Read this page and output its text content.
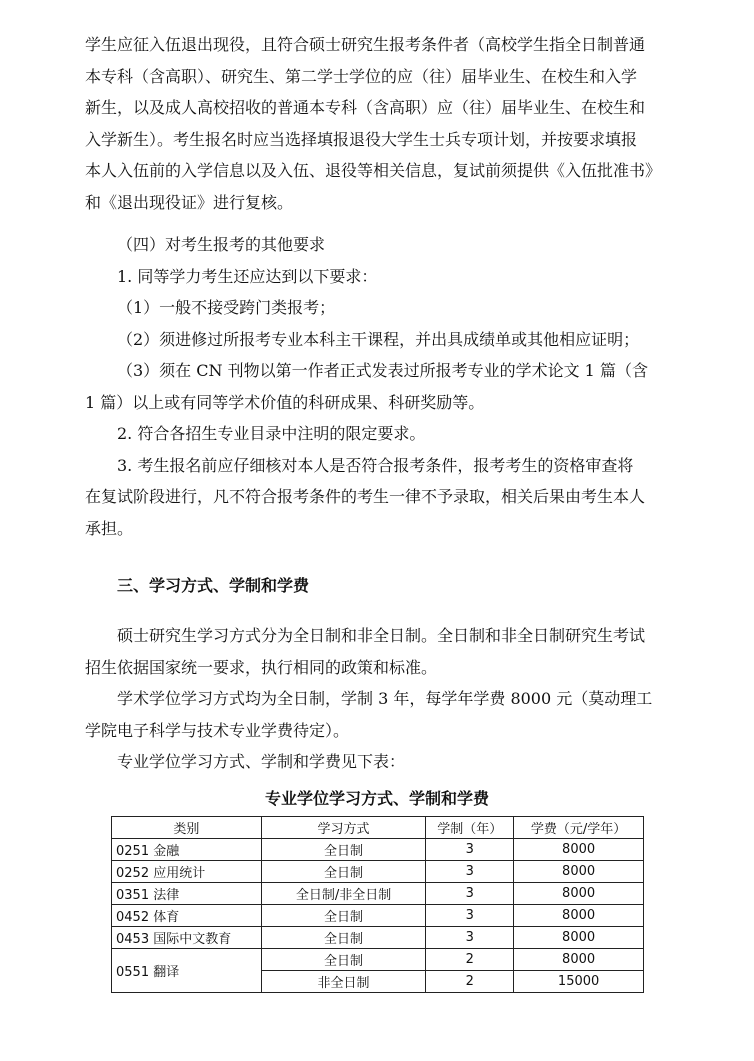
学生应征入伍退出现役，且符合硕士研究生报考条件者（高校学生指全日制普通
本专科（含高职）、研究生、第二学士学位的应（往）届毕业生、在校生和入学
新生，以及成人高校招收的普通本专科（含高职）应（往）届毕业生、在校生和
入学新生）。考生报名时应当选择填报退役大学生士兵专项计划，并按要求填报
本人入伍前的入学信息以及入伍、退役等相关信息，复试前须提供《入伍批准书》
和《退出现役证》进行复核。
（四）对考生报考的其他要求
1. 同等学力考生还应达到以下要求：
（1）一般不接受跨门类报考；
（2）须进修过所报考专业本科主干课程，并出具成绩单或其他相应证明；
（3）须在 CN 刊物以第一作者正式发表过所报考专业的学术论文 1 篇（含
1 篇）以上或有同等学术价值的科研成果、科研奖励等。
2. 符合各招生专业目录中注明的限定要求。
3. 考生报名前应仔细核对本人是否符合报考条件，报考考生的资格审查将
在复试阶段进行，凡不符合报考条件的考生一律不予录取，相关后果由考生本人
承担。
三、学习方式、学制和学费
硕士研究生学习方式分为全日制和非全日制。全日制和非全日制研究生考试
招生依据国家统一要求，执行相同的政策和标准。
学术学位学习方式均为全日制，学制 3 年，每学年学费 8000 元（莫动理工
学院电子科学与技术专业学费待定）。
专业学位学习方式、学制和学费见下表：
专业学位学习方式、学制和学费
类别	学习方式	学制（年）	学费（元/学年）
0251 金融	全日制	3	8000
0252 应用统计	全日制	3	8000
0351 法律	全日制/非全日制	3	8000
0452 体育	全日制	3	8000
0453 国际中文教育	全日制	3	8000
0551 翻译	全日制	2	8000
	非全日制	2	15000
